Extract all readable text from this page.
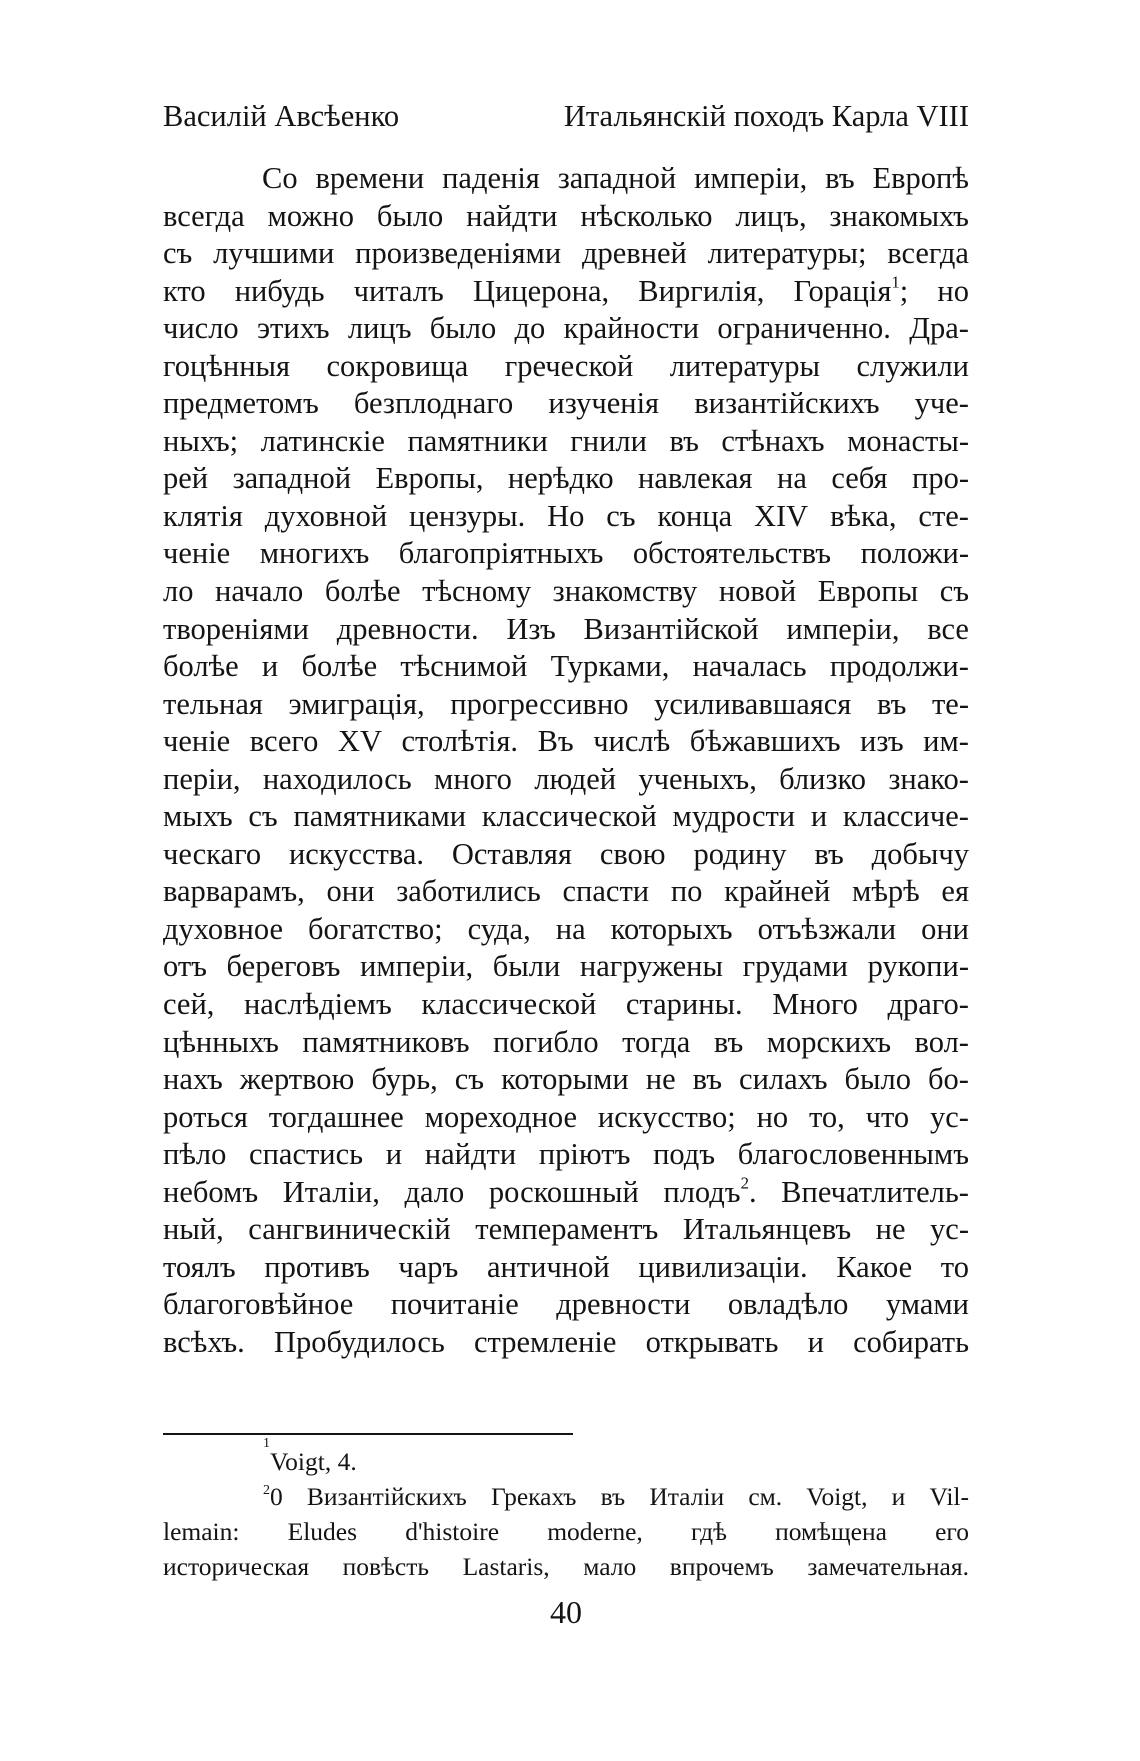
Василій Авсѣенко	Итальянскій походъ Карла VIII
Со времени паденія западной имперіи, въ Европѣ
всегда можно было найдти нѣсколько лицъ, знакомыхъ
съ лучшими произведеніями древней литературы; всегда
кто нибудь читалъ Цицерона, Виргилія, Горація$^1$; но
число этихъ лицъ было до крайности ограниченно. Дра-
гоцѣнныя сокровища греческой литературы служили
предметомъ безплоднаго изученія византійскихъ уче-
ныхъ; латинскіе памятники гнили въ стѣнахъ монасты-
рей западной Европы, нерѣдко навлекая на себя про-
клятія духовной цензуры. Но съ конца XIV вѣка, сте-
ченіе многихъ благопріятныхъ обстоятельствъ положи-
ло начало болѣе тѣсному знакомству новой Европы съ
твореніями древности. Изъ Византійской имперіи, все
болѣе и болѣе тѣснимой Турками, началась продолжи-
тельная эмиграція, прогрессивно усиливавшаяся въ те-
ченіе всего XV столѣтія. Въ числѣ бѣжавшихъ изъ им-
періи, находилось много людей ученыхъ, близко знако-
мыхъ съ памятниками классической мудрости и классиче-
ческаго искусства. Оставляя свою родину въ добычу
варварамъ, они заботились спасти по крайней мѣрѣ ея
духовное богатство; суда, на которыхъ отъѣзжали они
отъ береговъ имперіи, были нагружены грудами рукопи-
сей, наслѣдіемъ классической старины. Много драго-
цѣнныхъ памятниковъ погибло тогда въ морскихъ вол-
нахъ жертвою бурь, съ которыми не въ силахъ было бо-
роться тогдашнее мореходное искусство; но то, что ус-
пѣло спастись и найдти пріютъ подъ благословеннымъ
небомъ Италіи, дало роскошный плодъ$^2$. Впечатлитель-
ный, сангвиническій темпераментъ Итальянцевъ не ус-
тоялъ противъ чаръ античной цивилизаціи. Какое то
благоговѣйное почитаніе древности овладѣло умами
всѣхъ. Пробудилось стремленіе открывать и собирать
1
Voigt, 4.
$^2$0 Византійскихъ Грекахъ въ Италіи см. Voigt, и Vil-
lemain: Eludes d'histoire moderne, гдѣ помѣщена его
историческая повѣсть Lastaris, мало впрочемъ замечательная.
40
